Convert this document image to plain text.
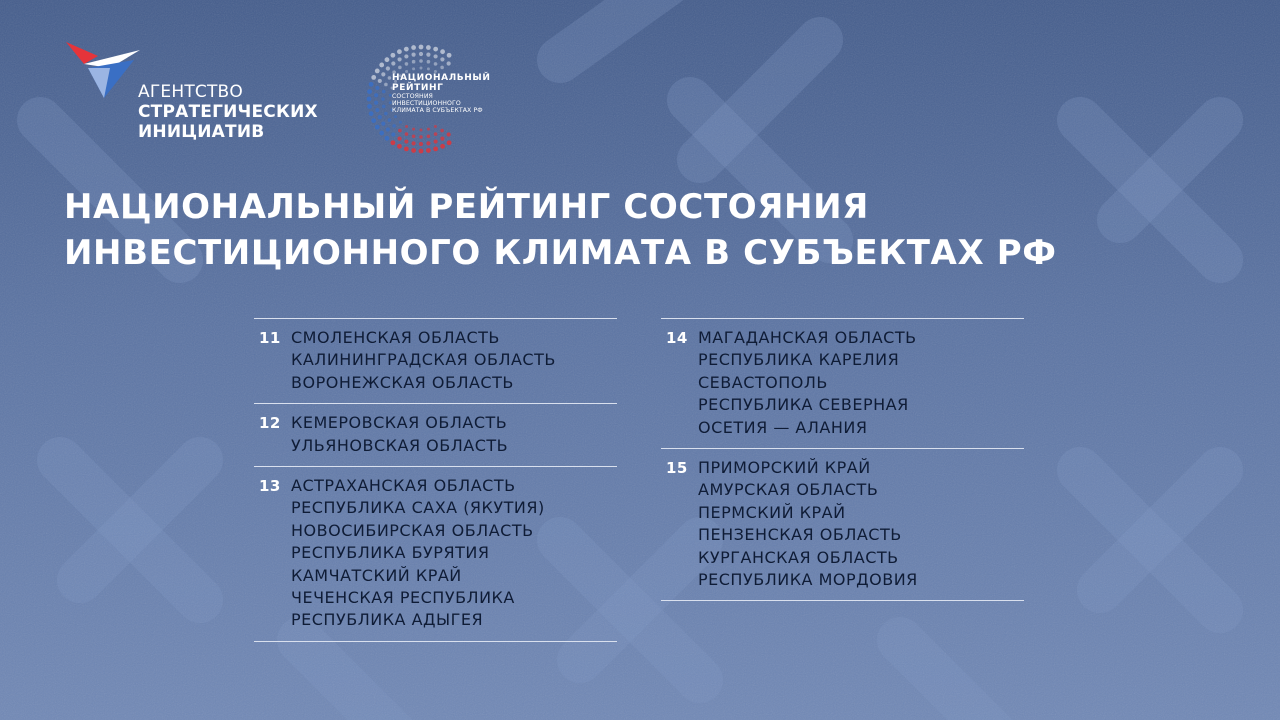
АГЕНТСТВО
СТРАТЕГИЧЕСКИХ
ИНИЦИАТИВ
НАЦИОНАЛЬНЫЙ
РЕЙТИНГ
СОСТОЯНИЯ
ИНВЕСТИЦИОННОГО
КЛИМАТА В СУБЪЕКТАХ РФ
НАЦИОНАЛЬНЫЙ РЕЙТИНГ СОСТОЯНИЯ
ИНВЕСТИЦИОННОГО КЛИМАТА В СУБЪЕКТАХ РФ
11 СМОЛЕНСКАЯ ОБЛАСТЬ
КАЛИНИНГРАДСКАЯ ОБЛАСТЬ
ВОРОНЕЖСКАЯ ОБЛАСТЬ
12 КЕМЕРОВСКАЯ ОБЛАСТЬ
УЛЬЯНОВСКАЯ ОБЛАСТЬ
13 АСТРАХАНСКАЯ ОБЛАСТЬ
РЕСПУБЛИКА САХА (ЯКУТИЯ)
НОВОСИБИРСКАЯ ОБЛАСТЬ
РЕСПУБЛИКА БУРЯТИЯ
КАМЧАТСКИЙ КРАЙ
ЧЕЧЕНСКАЯ РЕСПУБЛИКА
РЕСПУБЛИКА АДЫГЕЯ
14 МАГАДАНСКАЯ ОБЛАСТЬ
РЕСПУБЛИКА КАРЕЛИЯ
СЕВАСТОПОЛЬ
РЕСПУБЛИКА СЕВЕРНАЯ
ОСЕТИЯ — АЛАНИЯ
15 ПРИМОРСКИЙ КРАЙ
АМУРСКАЯ ОБЛАСТЬ
ПЕРМСКИЙ КРАЙ
ПЕНЗЕНСКАЯ ОБЛАСТЬ
КУРГАНСКАЯ ОБЛАСТЬ
РЕСПУБЛИКА МОРДОВИЯ
